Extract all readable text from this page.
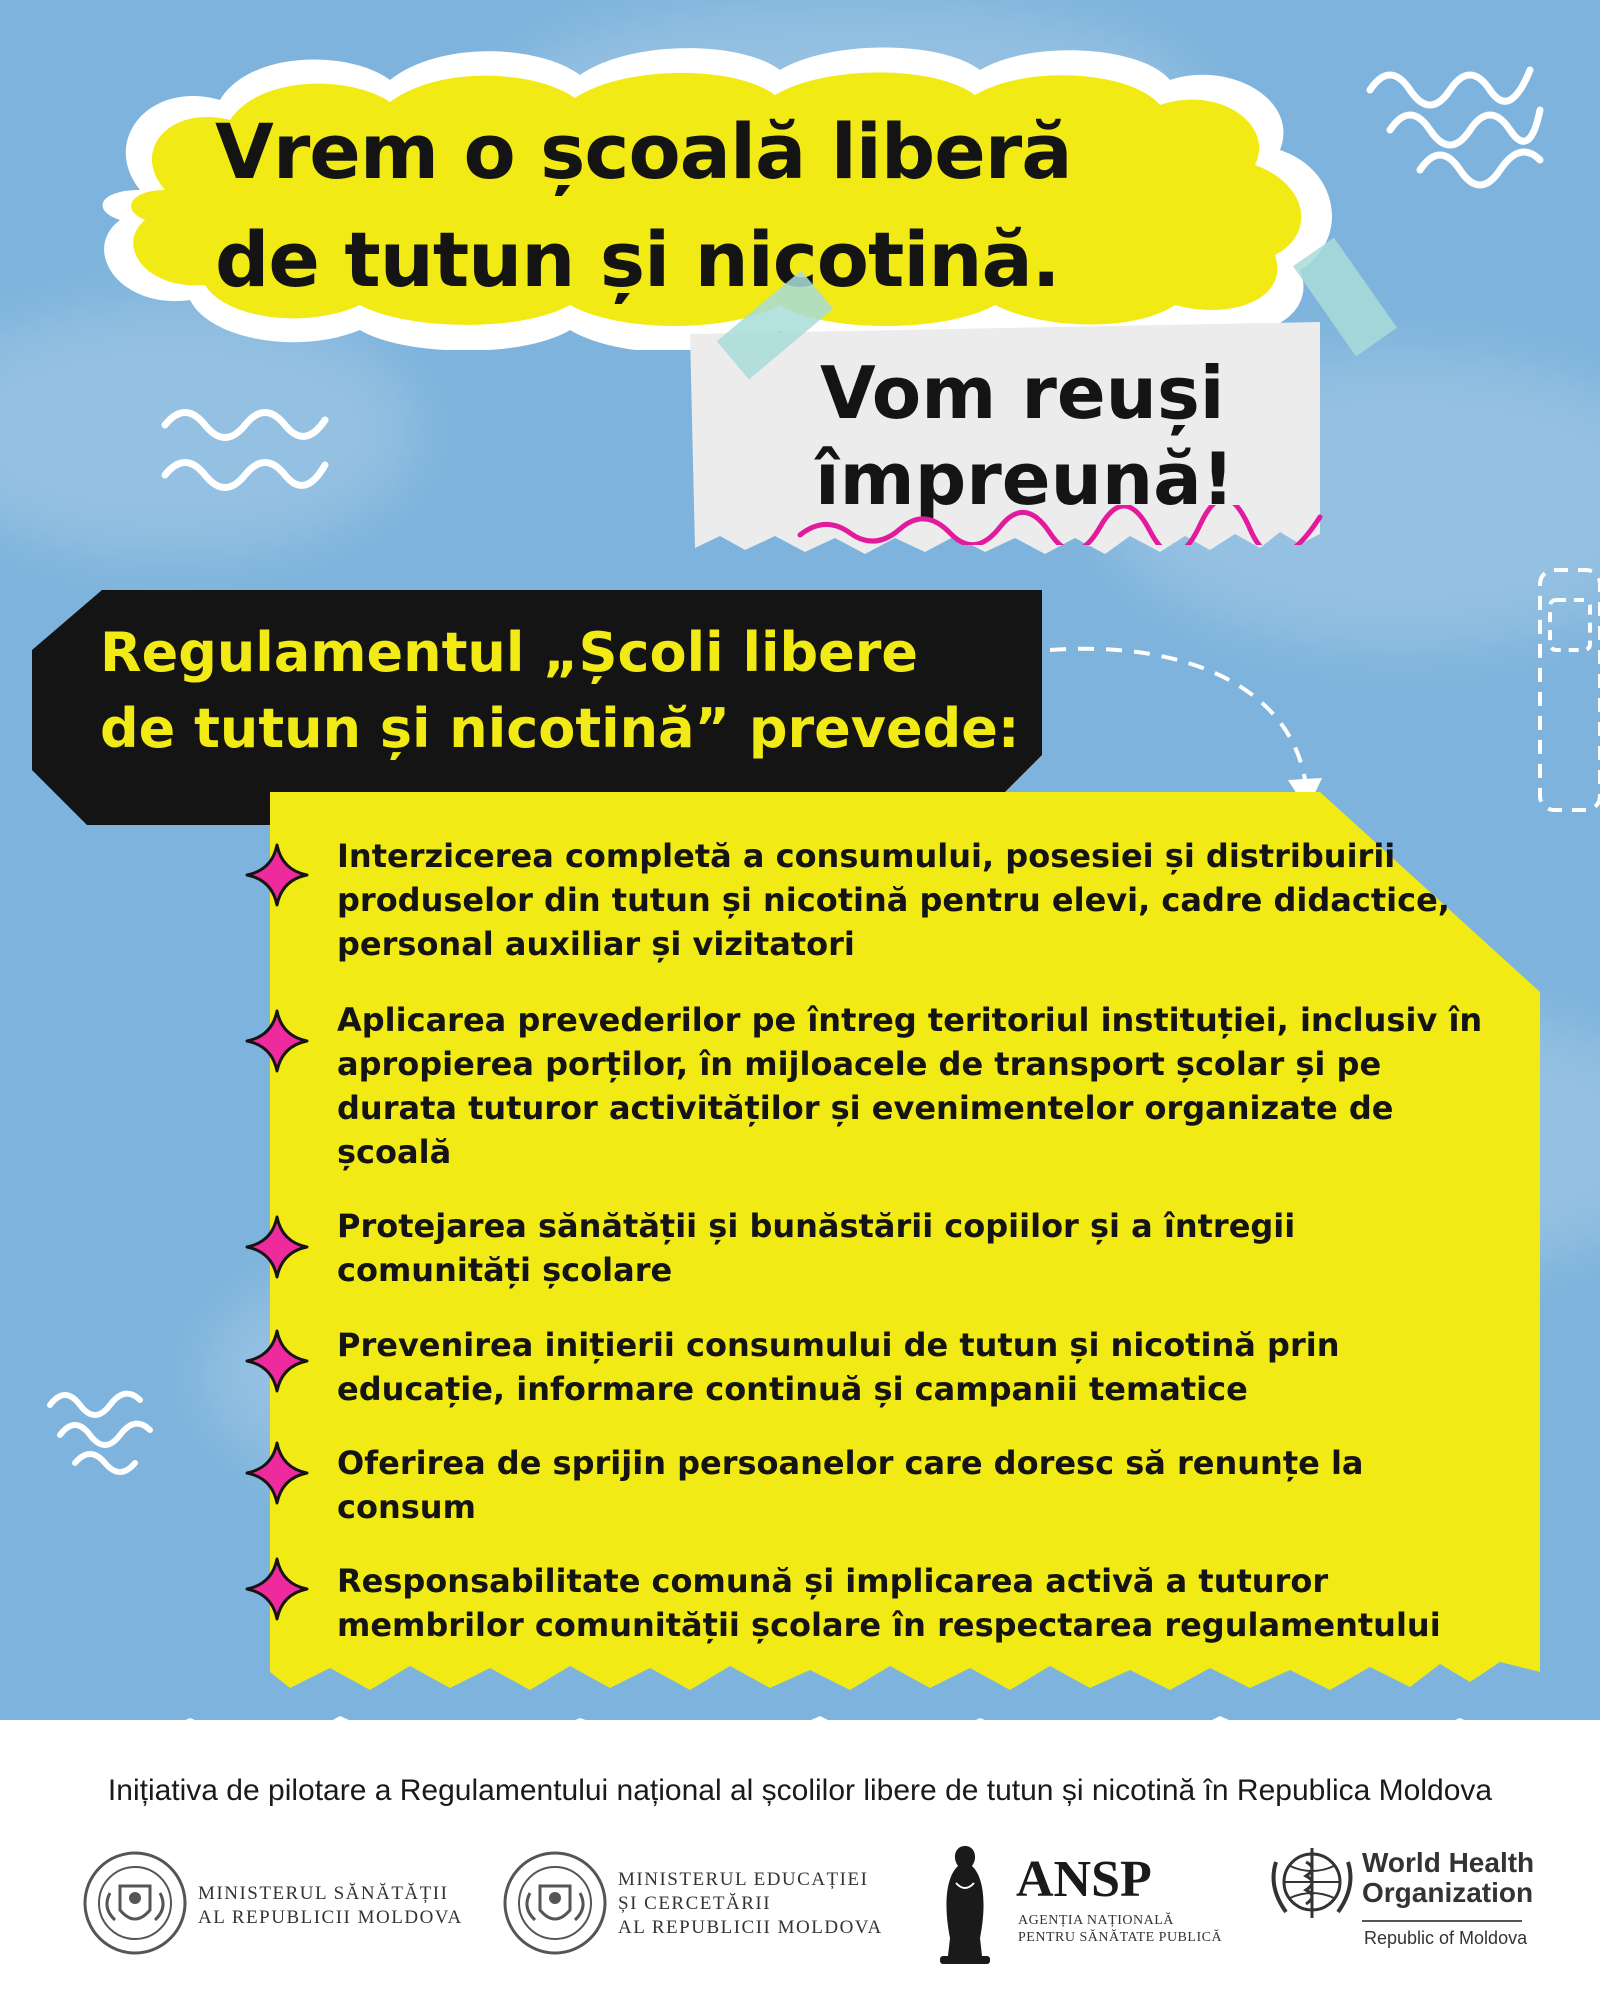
Vrem o școală liberă
de tutun și nicotină.
Vom reuși
împreună!
Regulamentul „Școli libere
de tutun și nicotină” prevede:
Interzicerea completă a consumului, posesiei și distribuirii
produselor din tutun și nicotină pentru elevi, cadre didactice,
personal auxiliar și vizitatori
Aplicarea prevederilor pe întreg teritoriul instituției, inclusiv în
apropierea porților, în mijloacele de transport școlar și pe
durata tuturor activităților și evenimentelor organizate de
școală
Protejarea sănătății și bunăstării copiilor și a întregii
comunități școlare
Prevenirea inițierii consumului de tutun și nicotină prin
educație, informare continuă și campanii tematice
Oferirea de sprijin persoanelor care doresc să renunțe la
consum
Responsabilitate comună și implicarea activă a tuturor
membrilor comunității școlare în respectarea regulamentului
Inițiativa de pilotare a Regulamentului național al școlilor libere de tutun și nicotină în Republica Moldova
MINISTERUL SĂNĂTĂȚII
AL REPUBLICII MOLDOVA
MINISTERUL EDUCAȚIEI
ȘI CERCETĂRII
AL REPUBLICII MOLDOVA
ANSP
AGENȚIA NAȚIONALĂ
PENTRU SĂNĂTATE PUBLICĂ
World Health
Organization
Republic of Moldova
